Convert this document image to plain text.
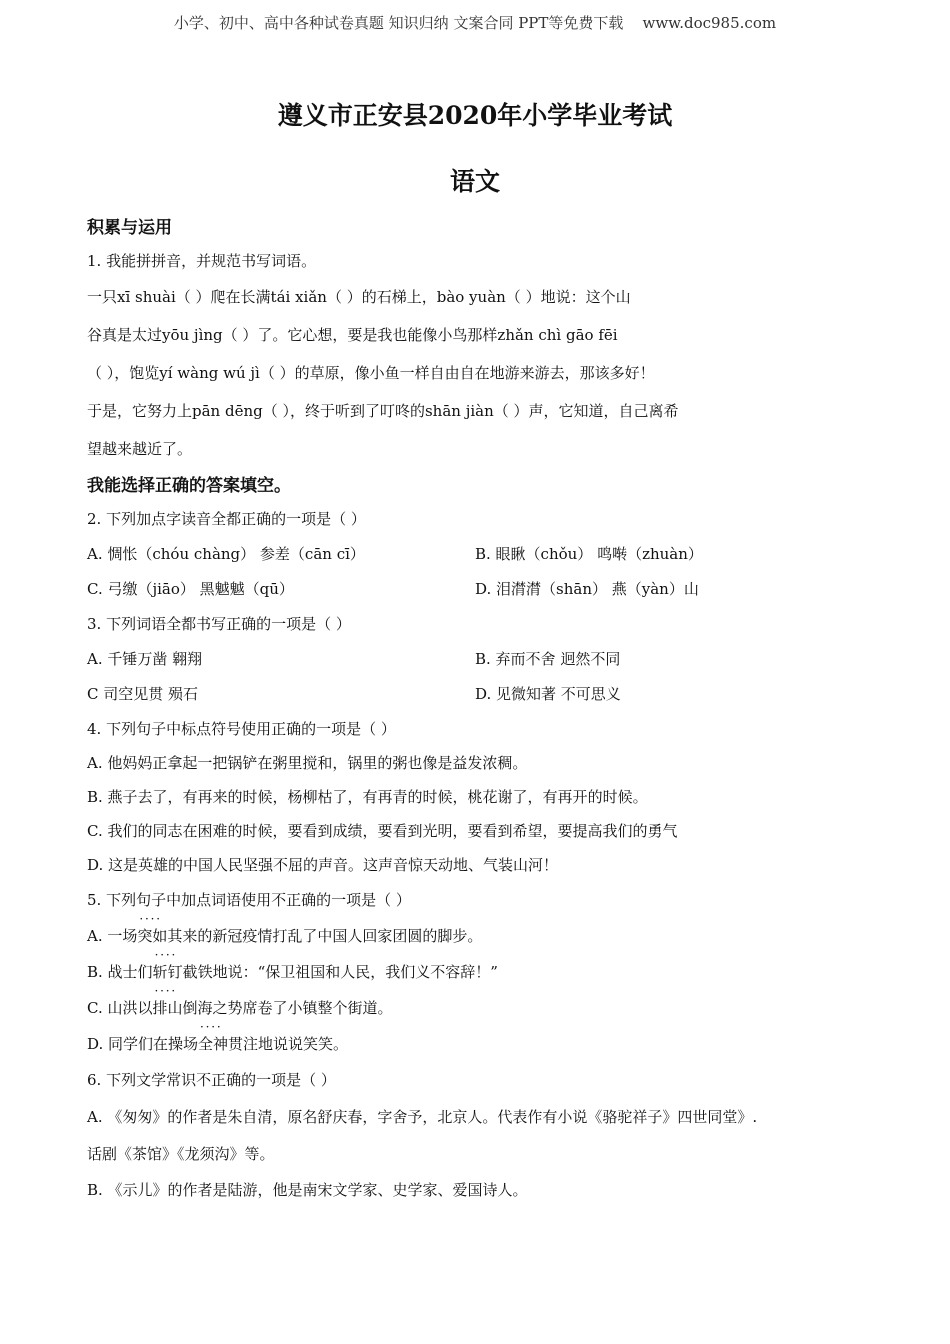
小学、初中、高中各种试卷真题 知识归纳 文案合同 PPT等免费下载    www.doc985.com
遵义市正安县2020年小学毕业考试
语文
积累与运用
1. 我能拼拼音，并规范书写词语。
一只xī shuài（ ）爬在长满tái xiǎn（ ）的石梯上，bào yuàn（ ）地说：这个山
谷真是太过yōu jìng（ ）了。它心想，要是我也能像小鸟那样zhǎn chì gāo fēi
（ ），饱览yí wàng wú jì（ ）的草原，像小鱼一样自由自在地游来游去，那该多好！
于是，它努力上pān dēng（ ），终于听到了叮咚的shān jiàn（ ）声，它知道，自己离希
望越来越近了。
我能选择正确的答案填空。
2. 下列加点字读音全都正确的一项是（ ）
A. 惆怅（chóu chàng） 参差（cān cī）	B. 眼瞅（chǒu） 鸣啭（zhuàn）
C. 弓缴（jiāo） 黑魆魆（qū）	D. 泪潸潸（shān） 燕（yàn）山
3. 下列词语全都书写正确的一项是（ ）
A. 千锤万凿 翱翔	B. 弃而不舍 迥然不同
C 司空见贯 殒石	D. 见微知著 不可思义
4. 下列句子中标点符号使用正确的一项是（ ）
A. 他妈妈正拿起一把锅铲在粥里搅和，锅里的粥也像是益发浓稠。
B. 燕子去了，有再来的时候，杨柳枯了，有再青的时候，桃花谢了，有再开的时候。
C. 我们的同志在困难的时候，要看到成绩，要看到光明，要看到希望，要提高我们的勇气
D. 这是英雄的中国人民坚强不屈的声音。这声音惊天动地、气装山河！
5. 下列句子中加点词语使用不正确的一项是（ ）
A. 一场· · · · 突如其来的新冠疫情打乱了中国人回家团圆的脚步。
B. 战士们· · · · 斩钉截铁地说：“保卫祖国和人民，我们义不容辞！”
C. 山洪以· · · · 排山倒海之势席卷了小镇整个街道。
D. 同学们在操场· · · · 全神贯注地说说笑笑。
6. 下列文学常识不正确的一项是（ ）
A. 《匆匆》的作者是朱自清，原名舒庆春，字舍予，北京人。代表作有小说《骆驼祥子》四世同堂》.
话剧《茶馆》《龙须沟》等。
B. 《示儿》的作者是陆游，他是南宋文学家、史学家、爱国诗人。
